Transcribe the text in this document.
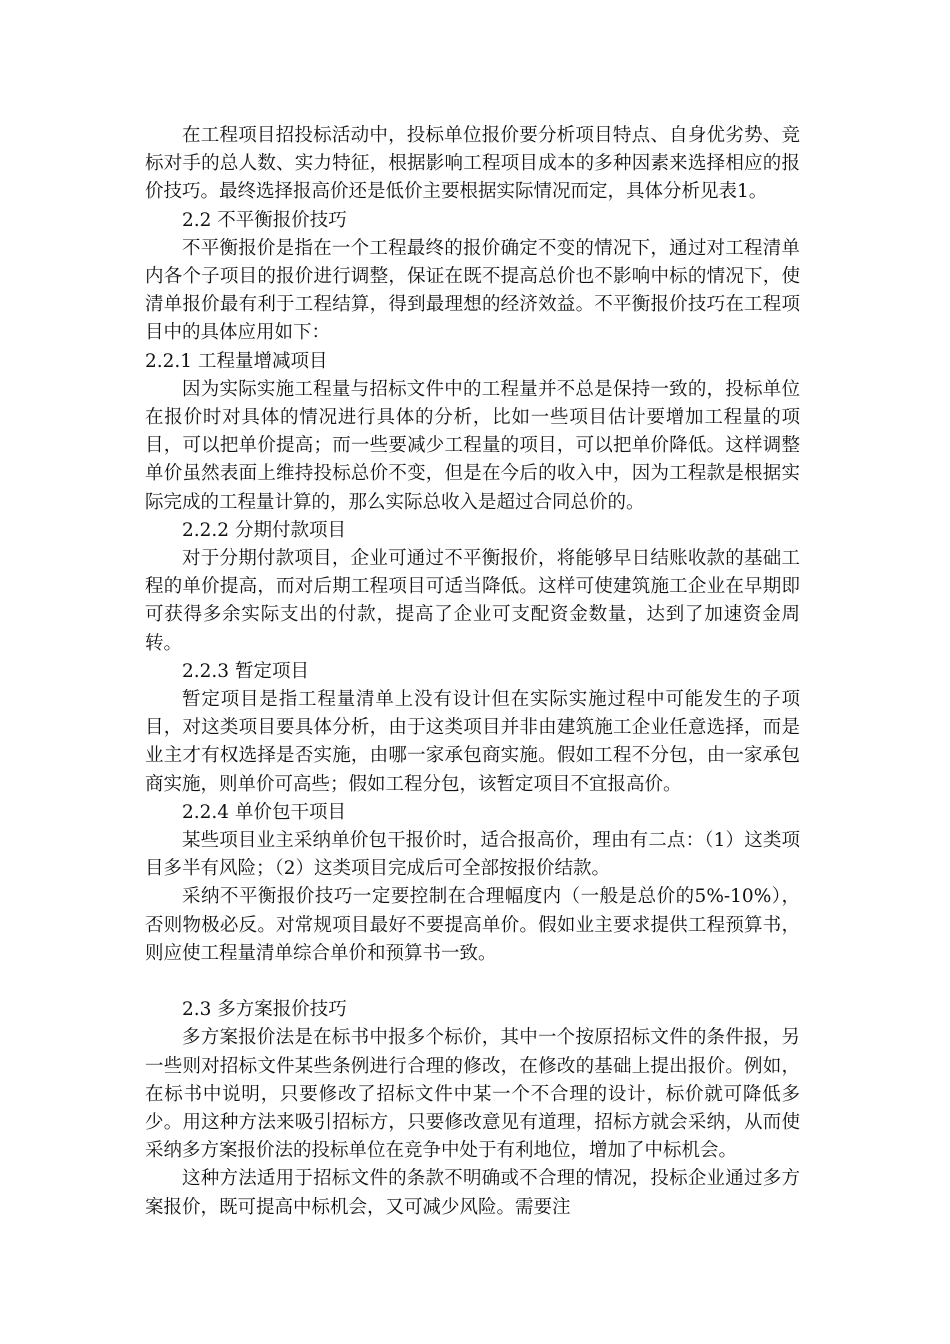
在工程项目招投标活动中，投标单位报价要分析项目特点、自身优劣势、竞标对手的总人数、实力特征，根据影响工程项目成本的多种因素来选择相应的报价技巧。最终选择报高价还是低价主要根据实际情况而定，具体分析见表1。

2.2 不平衡报价技巧

不平衡报价是指在一个工程最终的报价确定不变的情况下，通过对工程清单内各个子项目的报价进行调整，保证在既不提高总价也不影响中标的情况下，使清单报价最有利于工程结算，得到最理想的经济效益。不平衡报价技巧在工程项目中的具体应用如下：

2.2.1 工程量增减项目

因为实际实施工程量与招标文件中的工程量并不总是保持一致的，投标单位在报价时对具体的情况进行具体的分析，比如一些项目估计要增加工程量的项目，可以把单价提高；而一些要减少工程量的项目，可以把单价降低。这样调整单价虽然表面上维持投标总价不变，但是在今后的收入中，因为工程款是根据实际完成的工程量计算的，那么实际总收入是超过合同总价的。

2.2.2 分期付款项目

对于分期付款项目，企业可通过不平衡报价，将能够早日结账收款的基础工程的单价提高，而对后期工程项目可适当降低。这样可使建筑施工企业在早期即可获得多余实际支出的付款，提高了企业可支配资金数量，达到了加速资金周转。

2.2.3 暂定项目

暂定项目是指工程量清单上没有设计但在实际实施过程中可能发生的子项目，对这类项目要具体分析，由于这类项目并非由建筑施工企业任意选择，而是业主才有权选择是否实施，由哪一家承包商实施。假如工程不分包，由一家承包商实施，则单价可高些；假如工程分包，该暂定项目不宜报高价。

2.2.4 单价包干项目

某些项目业主采纳单价包干报价时，适合报高价，理由有二点：（1）这类项目多半有风险；（2）这类项目完成后可全部按报价结款。

采纳不平衡报价技巧一定要控制在合理幅度内（一般是总价的5%-10%），否则物极必反。对常规项目最好不要提高单价。假如业主要求提供工程预算书，则应使工程量清单综合单价和预算书一致。

2.3 多方案报价技巧

多方案报价法是在标书中报多个标价，其中一个按原招标文件的条件报，另一些则对招标文件某些条例进行合理的修改，在修改的基础上提出报价。例如，在标书中说明，只要修改了招标文件中某一个不合理的设计，标价就可降低多少。用这种方法来吸引招标方，只要修改意见有道理，招标方就会采纳，从而使采纳多方案报价法的投标单位在竞争中处于有利地位，增加了中标机会。

这种方法适用于招标文件的条款不明确或不合理的情况，投标企业通过多方案报价，既可提高中标机会，又可减少风险。需要注
